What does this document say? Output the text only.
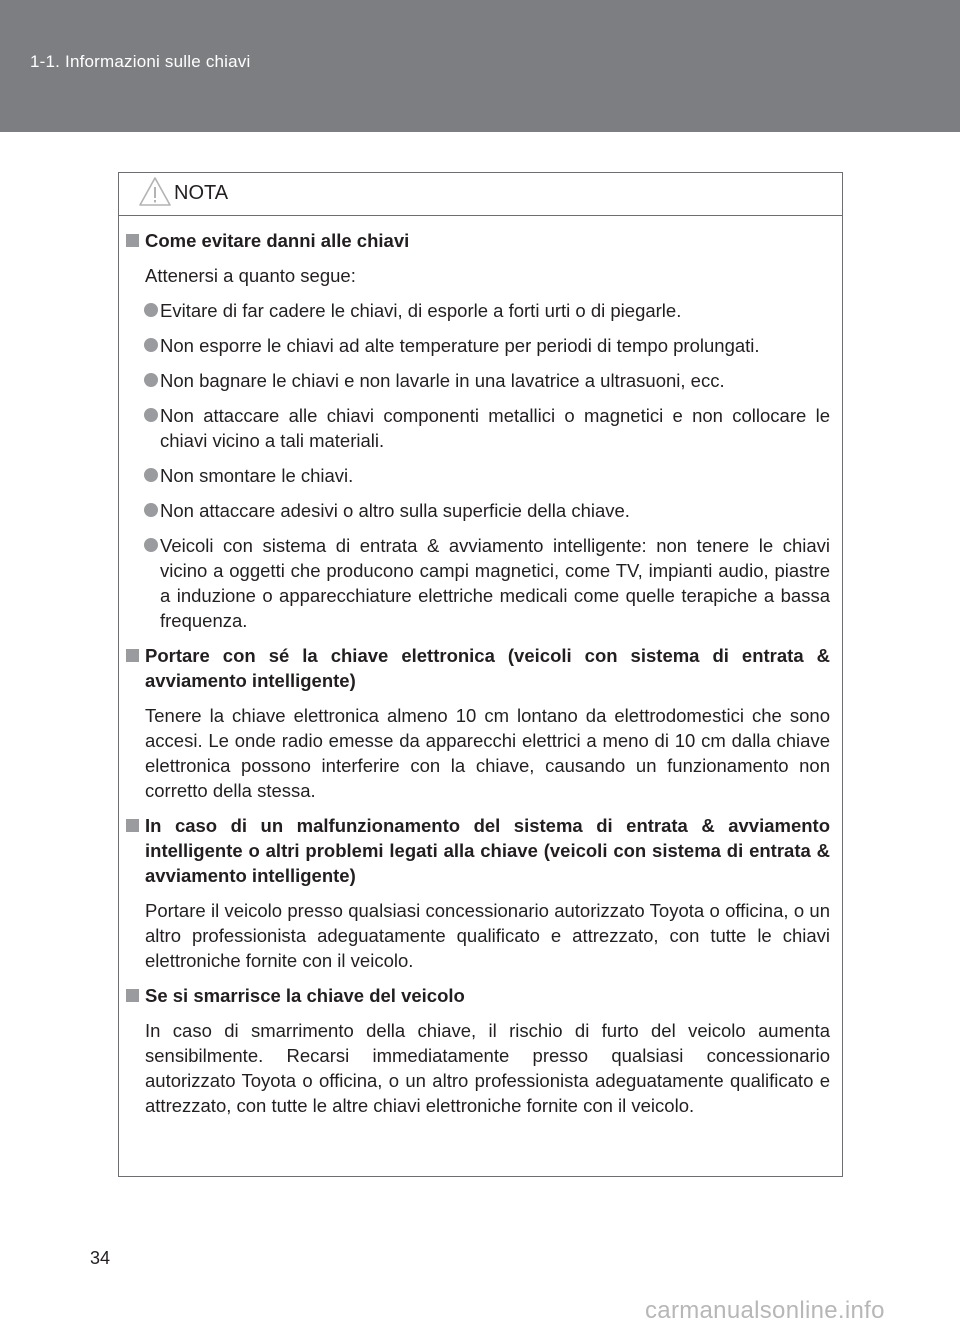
1-1. Informazioni sulle chiavi
NOTA
Come evitare danni alle chiavi
Attenersi a quanto segue:
Evitare di far cadere le chiavi, di esporle a forti urti o di piegarle.
Non esporre le chiavi ad alte temperature per periodi di tempo prolungati.
Non bagnare le chiavi e non lavarle in una lavatrice a ultrasuoni, ecc.
Non attaccare alle chiavi componenti metallici o magnetici e non collocare le chiavi vicino a tali materiali.
Non smontare le chiavi.
Non attaccare adesivi o altro sulla superficie della chiave.
Veicoli con sistema di entrata & avviamento intelligente: non tenere le chiavi vicino a oggetti che producono campi magnetici, come TV, impianti audio, piastre a induzione o apparecchiature elettriche medicali come quelle terapiche a bassa frequenza.
Portare con sé la chiave elettronica (veicoli con sistema di entrata & avviamento intelligente)
Tenere la chiave elettronica almeno 10 cm lontano da elettrodomestici che sono accesi. Le onde radio emesse da apparecchi elettrici a meno di 10 cm dalla chiave elettronica possono interferire con la chiave, causando un funzionamento non corretto della stessa.
In caso di un malfunzionamento del sistema di entrata & avviamento intelligente o altri problemi legati alla chiave (veicoli con sistema di entrata & avviamento intelligente)
Portare il veicolo presso qualsiasi concessionario autorizzato Toyota o officina, o un altro professionista adeguatamente qualificato e attrezzato, con tutte le chiavi elettroniche fornite con il veicolo.
Se si smarrisce la chiave del veicolo
In caso di smarrimento della chiave, il rischio di furto del veicolo aumenta sensibilmente. Recarsi immediatamente presso qualsiasi concessionario autorizzato Toyota o officina, o un altro professionista adeguatamente qualificato e attrezzato, con tutte le altre chiavi elettroniche fornite con il veicolo.
34
carmanualsonline.info
